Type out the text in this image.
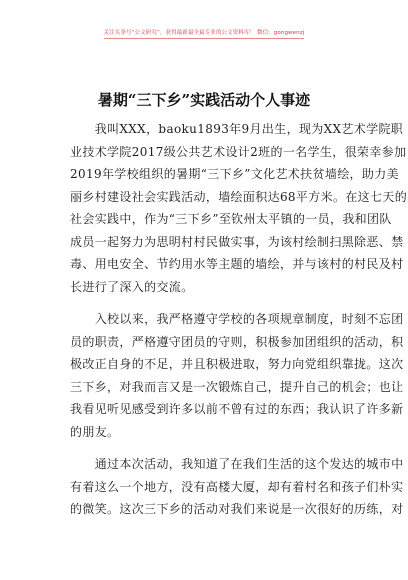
关注头条号“公文研究”，获得最新最全最专业的公文资料库！ 微信：gongwenzj
暑期“三下乡”实践活动个人事迹
　　我叫XXX，baoku1893年9月出生，现为XX艺术学院职
业技术学院2017级公共艺术设计2班的一名学生，很荣幸参加
2019年学校组织的暑期“三下乡”文化艺术扶贫墙绘，助力美
丽乡村建设社会实践活动，墙绘面积达68平方米。在这七天的
社会实践中，作为“三下乡”至钦州太平镇的一员，我和团队
成员一起努力为思明村村民做实事，为该村绘制扫黑除恶、禁
毒、用电安全、节约用水等主题的墙绘，并与该村的村民及村
长进行了深入的交流。
　　入校以来，我严格遵守学校的各项规章制度，时刻不忘团
员的职责，严格遵守团员的守则，积极参加团组织的活动，积
极改正自身的不足，并且积极进取，努力向党组织靠拢。这次
三下乡，对我而言又是一次锻炼自己，提升自己的机会；也让
我看见听见感受到许多以前不曾有过的东西；我认识了许多新
的朋友。
　　通过本次活动，我知道了在我们生活的这个发达的城市中
有着这么一个地方，没有高楼大厦，却有着村名和孩子们朴实
的微笑。这次三下乡的活动对我们来说是一次很好的历练，对
